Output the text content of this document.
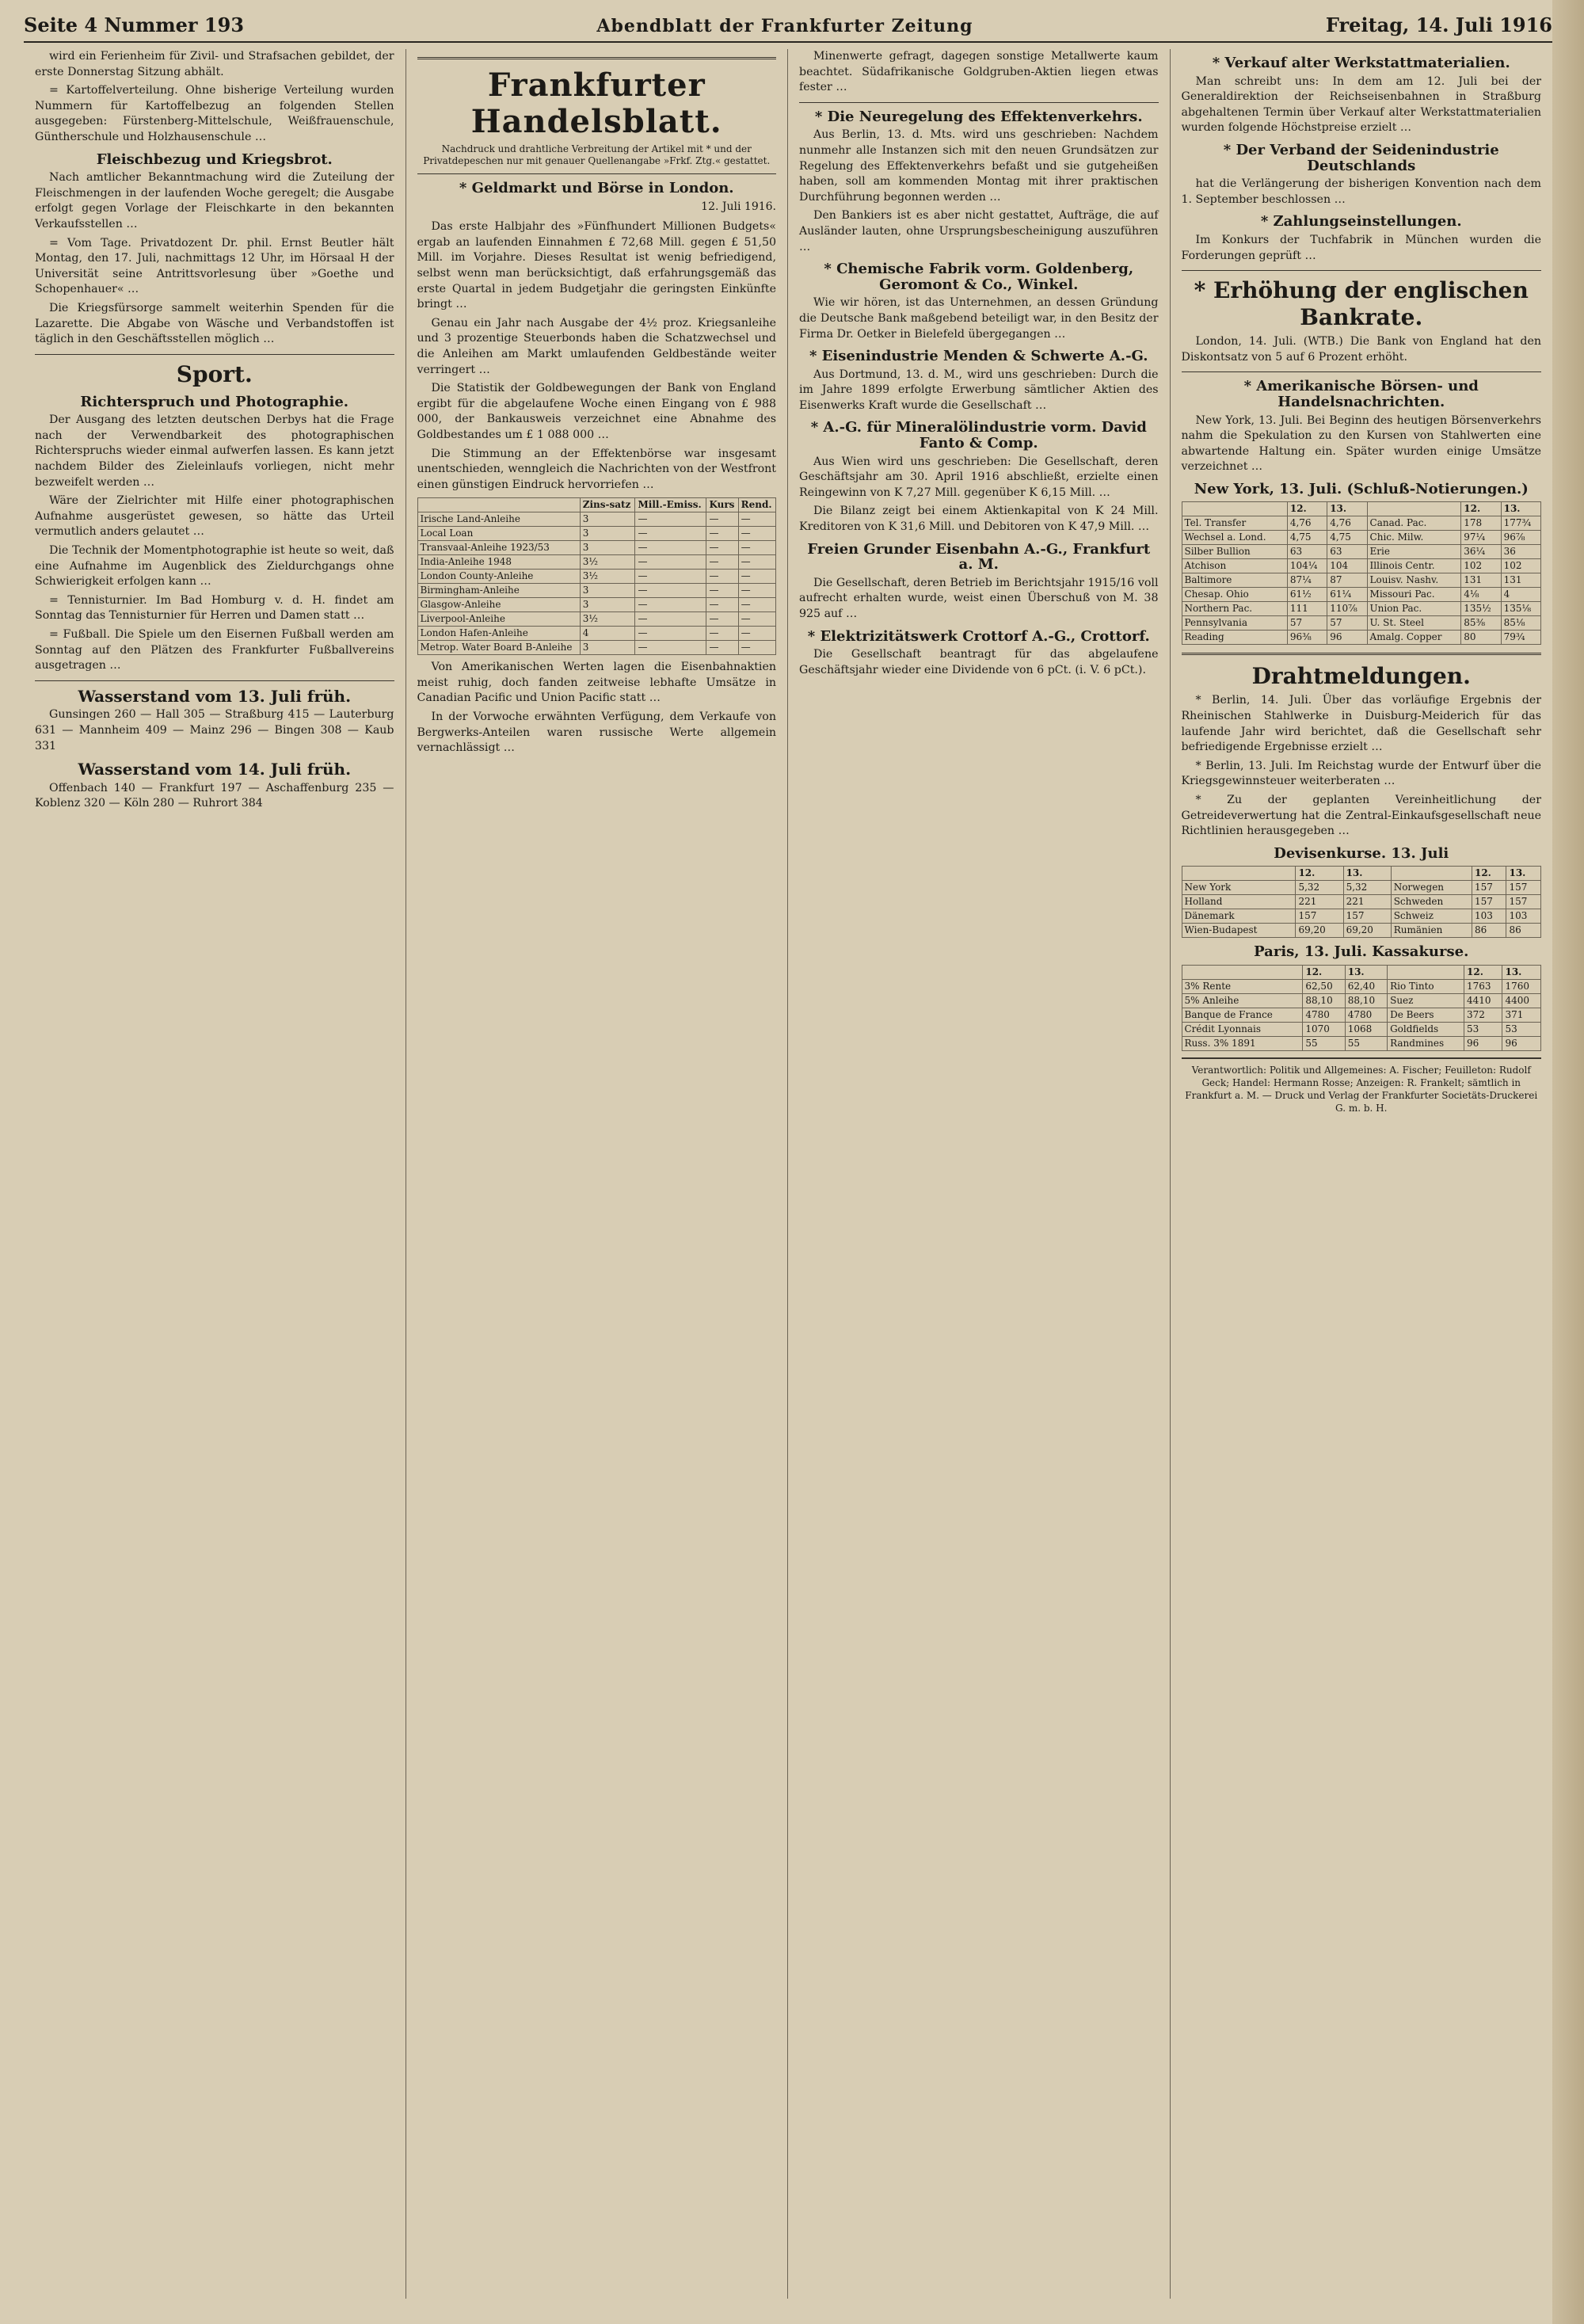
Seite 4 Nummer 193	Abendblatt der Frankfurter Zeitung	Freitag, 14. Juli 1916

wird ein Ferienheim für Zivil- und Strafsachen gebildet, der erste Donnerstag Sitzung abhält.

= Kartoffelverteilung. Ohne bisherige Verteilung wurden Nummern für Kartoffelbezug an folgenden Stellen ausgegeben: Fürstenberg-Mittelschule, Weißfrauenschule, Güntherschule und Holzhausenschule …

Fleischbezug und Kriegsbrot.

Nach amtlicher Bekanntmachung wird die Zuteilung der Fleischmengen in der laufenden Woche geregelt; die Ausgabe erfolgt gegen Vorlage der Fleischkarte in den bekannten Verkaufsstellen …

= Vom Tage. Privatdozent Dr. phil. Ernst Beutler hält Montag, den 17. Juli, nachmittags 12 Uhr, im Hörsaal H der Universität seine Antrittsvorlesung über »Goethe und Schopenhauer« …

Die Kriegsfürsorge sammelt weiterhin Spenden für die Lazarette. Die Abgabe von Wäsche und Verbandstoffen ist täglich in den Geschäftsstellen möglich …

Sport.
Richterspruch und Photographie.

Der Ausgang des letzten deutschen Derbys hat die Frage nach der Verwendbarkeit des photographischen Richterspruchs wieder einmal aufwerfen lassen. Es kann jetzt nachdem Bilder des Zieleinlaufs vorliegen, nicht mehr bezweifelt werden …

Wäre der Zielrichter mit Hilfe einer photographischen Aufnahme ausgerüstet gewesen, so hätte das Urteil vermutlich anders gelautet …

Die Technik der Momentphotographie ist heute so weit, daß eine Aufnahme im Augenblick des Zieldurchgangs ohne Schwierigkeit erfolgen kann …

= Tennisturnier. Im Bad Homburg v. d. H. findet am Sonntag das Tennisturnier für Herren und Damen statt …

= Fußball. Die Spiele um den Eisernen Fußball werden am Sonntag auf den Plätzen des Frankfurter Fußballvereins ausgetragen …

Wasserstand vom 13. Juli früh.

Gunsingen 260 — Hall 305 — Straßburg 415 — Lauterburg 631 — Mannheim 409 — Mainz 296 — Bingen 308 — Kaub 331

Wasserstand vom 14. Juli früh.

Offenbach 140 — Frankfurt 197 — Aschaffenburg 235 — Koblenz 320 — Köln 280 — Ruhrort 384

Frankfurter Handelsblatt.
Nachdruck und drahtliche Verbreitung der Artikel mit * und der Privatdepeschen nur mit genauer Quellenangabe »Frkf. Ztg.« gestattet.
* Geldmarkt und Börse in London.
12. Juli 1916.

Das erste Halbjahr des »Fünfhundert Millionen Budgets« ergab an laufenden Einnahmen £ 72,68 Mill. gegen £ 51,50 Mill. im Vorjahre. Dieses Resultat ist wenig befriedigend, selbst wenn man berücksichtigt, daß erfahrungsgemäß das erste Quartal in jedem Budgetjahr die geringsten Einkünfte bringt …

Genau ein Jahr nach Ausgabe der 4½ proz. Kriegsanleihe und 3 prozentige Steuerbonds haben die Schatzwechsel und die Anleihen am Markt umlaufenden Geldbestände weiter verringert …

Die Statistik der Goldbewegungen der Bank von England ergibt für die abgelaufene Woche einen Eingang von £ 988 000, der Bankausweis verzeichnet eine Abnahme des Goldbestandes um £ 1 088 000 …

Die Stimmung an der Effektenbörse war insgesamt unentschieden, wenngleich die Nachrichten von der Westfront einen günstigen Eindruck hervorriefen …

	Zins-satz	Mill.-Emiss.	Kurs	Rend.
Irische Land-Anleihe	3	—	—	—
Local Loan	3	—	—	—
Transvaal-Anleihe 1923/53	3	—	—	—
India-Anleihe 1948	3½	—	—	—
London County-Anleihe	3½	—	—	—
Birmingham-Anleihe	3	—	—	—
Glasgow-Anleihe	3	—	—	—
Liverpool-Anleihe	3½	—	—	—
London Hafen-Anleihe	4	—	—	—
Metrop. Water Board B-Anleihe	3	—	—	—

Von Amerikanischen Werten lagen die Eisenbahnaktien meist ruhig, doch fanden zeitweise lebhafte Umsätze in Canadian Pacific und Union Pacific statt …

In der Vorwoche erwähnten Verfügung, dem Verkaufe von Bergwerks-Anteilen waren russische Werte allgemein vernachlässigt …

Minenwerte gefragt, dagegen sonstige Metallwerte kaum beachtet. Südafrikanische Goldgruben-Aktien liegen etwas fester …

* Die Neuregelung des Effektenverkehrs.

Aus Berlin, 13. d. Mts. wird uns geschrieben: Nachdem nunmehr alle Instanzen sich mit den neuen Grundsätzen zur Regelung des Effektenverkehrs befaßt und sie gutgeheißen haben, soll am kommenden Montag mit ihrer praktischen Durchführung begonnen werden …

Den Bankiers ist es aber nicht gestattet, Aufträge, die auf Ausländer lauten, ohne Ursprungsbescheinigung auszuführen …

* Chemische Fabrik vorm. Goldenberg, Geromont & Co., Winkel.

Wie wir hören, ist das Unternehmen, an dessen Gründung die Deutsche Bank maßgebend beteiligt war, in den Besitz der Firma Dr. Oetker in Bielefeld übergegangen …

* Eisenindustrie Menden & Schwerte A.-G.

Aus Dortmund, 13. d. M., wird uns geschrieben: Durch die im Jahre 1899 erfolgte Erwerbung sämtlicher Aktien des Eisenwerks Kraft wurde die Gesellschaft …

* A.-G. für Mineralölindustrie vorm. David Fanto & Comp.

Aus Wien wird uns geschrieben: Die Gesellschaft, deren Geschäftsjahr am 30. April 1916 abschließt, erzielte einen Reingewinn von K 7,27 Mill. gegenüber K 6,15 Mill. …

Die Bilanz zeigt bei einem Aktienkapital von K 24 Mill. Kreditoren von K 31,6 Mill. und Debitoren von K 47,9 Mill. …

Freien Grunder Eisenbahn A.-G., Frankfurt a. M.

Die Gesellschaft, deren Betrieb im Berichtsjahr 1915/16 voll aufrecht erhalten wurde, weist einen Überschuß von M. 38 925 auf …

* Elektrizitätswerk Crottorf A.-G., Crottorf.

Die Gesellschaft beantragt für das abgelaufene Geschäftsjahr wieder eine Dividende von 6 pCt. (i. V. 6 pCt.).

* Verkauf alter Werkstattmaterialien.

Man schreibt uns: In dem am 12. Juli bei der Generaldirektion der Reichseisenbahnen in Straßburg abgehaltenen Termin über Verkauf alter Werkstattmaterialien wurden folgende Höchstpreise erzielt …

* Der Verband der Seidenindustrie Deutschlands

hat die Verlängerung der bisherigen Konvention nach dem 1. September beschlossen …

* Zahlungseinstellungen.

Im Konkurs der Tuchfabrik in München wurden die Forderungen geprüft …

* Erhöhung der englischen Bankrate.

London, 14. Juli. (WTB.) Die Bank von England hat den Diskontsatz von 5 auf 6 Prozent erhöht.

* Amerikanische Börsen- und Handelsnachrichten.

New York, 13. Juli. Bei Beginn des heutigen Börsenverkehrs nahm die Spekulation zu den Kursen von Stahlwerten eine abwartende Haltung ein. Später wurden einige Umsätze verzeichnet …

New York, 13. Juli. (Schluß-Notierungen.)
	12.	13.		12.	13.
Tel. Transfer	4,76	4,76	Canad. Pac.	178	177¾
Wechsel a. Lond.	4,75	4,75	Chic. Milw.	97¼	96⅞
Silber Bullion	63	63	Erie	36¼	36
Atchison	104¼	104	Illinois Centr.	102	102
Baltimore	87¼	87	Louisv. Nashv.	131	131
Chesap. Ohio	61½	61¼	Missouri Pac.	4⅛	4
Northern Pac.	111	110⅞	Union Pac.	135½	135⅛
Pennsylvania	57	57	U. St. Steel	85⅜	85⅛
Reading	96⅜	96	Amalg. Copper	80	79¾
Drahtmeldungen.

* Berlin, 14. Juli. Über das vorläufige Ergebnis der Rheinischen Stahlwerke in Duisburg-Meiderich für das laufende Jahr wird berichtet, daß die Gesellschaft sehr befriedigende Ergebnisse erzielt …

* Berlin, 13. Juli. Im Reichstag wurde der Entwurf über die Kriegsgewinnsteuer weiterberaten …

* Zu der geplanten Vereinheitlichung der Getreideverwertung hat die Zentral-Einkaufsgesellschaft neue Richtlinien herausgegeben …

Devisenkurse. 13. Juli
	12.	13.		12.	13.
New York	5,32	5,32	Norwegen	157	157
Holland	221	221	Schweden	157	157
Dänemark	157	157	Schweiz	103	103
Wien-Budapest	69,20	69,20	Rumänien	86	86
Paris, 13. Juli. Kassakurse.
	12.	13.		12.	13.
3% Rente	62,50	62,40	Rio Tinto	1763	1760
5% Anleihe	88,10	88,10	Suez	4410	4400
Banque de France	4780	4780	De Beers	372	371
Crédit Lyonnais	1070	1068	Goldfields	53	53
Russ. 3% 1891	55	55	Randmines	96	96
Verantwortlich: Politik und Allgemeines: A. Fischer; Feuilleton: Rudolf Geck; Handel: Hermann Rosse; Anzeigen: R. Frankelt; sämtlich in Frankfurt a. M. — Druck und Verlag der Frankfurter Societäts-Druckerei G. m. b. H.
